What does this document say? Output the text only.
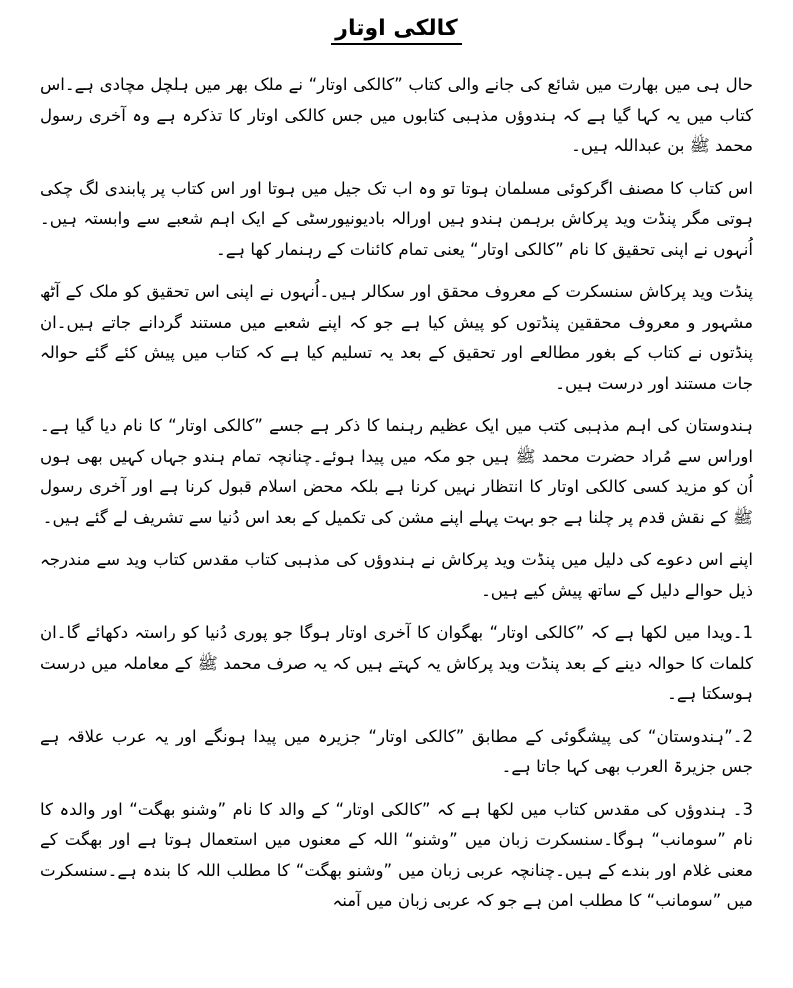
کالکی اوتار

حال ہی میں بھارت میں شائع کی جانے والی کتاب ”کالکی اوتار“ نے ملک بھر میں ہلچل مچادی ہے۔اس کتاب میں یہ کہا گیا ہے کہ ہندوؤں مذہبی کتابوں میں جس کالکی اوتار کا تذکرہ ہے وہ آخری رسول محمد ﷺ بن عبداللہ ہیں۔

اس کتاب کا مصنف اگرکوئی مسلمان ہوتا تو وہ اب تک جیل میں ہوتا اور اس کتاب پر پابندی لگ چکی ہوتی مگر پنڈت وید پرکاش برہمن ہندو ہیں اورالہ بادیونیورسٹی کے ایک اہم شعبے سے وابستہ ہیں۔اُنہوں نے اپنی تحقیق کا نام ”کالکی اوتار“ یعنی تمام کائنات کے رہنمار کھا ہے۔

پنڈت وید پرکاش سنسکرت کے معروف محقق اور سکالر ہیں۔اُنہوں نے اپنی اس تحقیق کو ملک کے آٹھ مشہور و معروف محققین پنڈتوں کو پیش کیا ہے جو کہ اپنے شعبے میں مستند گردانے جاتے ہیں۔ان پنڈتوں نے کتاب کے بغور مطالعے اور تحقیق کے بعد یہ تسلیم کیا ہے کہ کتاب میں پیش کئے گئے حوالہ جات مستند اور درست ہیں۔

ہندوستان کی اہم مذہبی کتب میں ایک عظیم رہنما کا ذکر ہے جسے ”کالکی اوتار“ کا نام دیا گیا ہے۔اوراس سے مُراد حضرت محمد ﷺ ہیں جو مکہ میں پیدا ہوئے۔چنانچہ تمام ہندو جہاں کہیں بھی ہوں اُن کو مزید کسی کالکی اوتار کا انتظار نہیں کرنا ہے بلکہ محض اسلام قبول کرنا ہے اور آخری رسول ﷺ کے نقش قدم پر چلنا ہے جو بہت پہلے اپنے مشن کی تکمیل کے بعد اس دُنیا سے تشریف لے گئے ہیں۔

اپنے اس دعوے کی دلیل میں پنڈت وید پرکاش نے ہندوؤں کی مذہبی کتاب مقدس کتاب وید سے مندرجہ ذیل حوالے دلیل کے ساتھ پیش کیے ہیں۔

1۔ویدا میں لکھا ہے کہ ”کالکی اوتار“ بھگوان کا آخری اوتار ہوگا جو پوری دُنیا کو راستہ دکھائے گا۔ان کلمات کا حوالہ دینے کے بعد پنڈت وید پرکاش یہ کہتے ہیں کہ یہ صرف محمد ﷺ کے معاملہ میں درست ہوسکتا ہے۔

2۔”ہندوستان“ کی پیشگوئی کے مطابق ”کالکی اوتار“ جزیرہ میں پیدا ہونگے اور یہ عرب علاقہ ہے جس جزیرۃ العرب بھی کہا جاتا ہے۔

3۔ ہندوؤں کی مقدس کتاب میں لکھا ہے کہ ”کالکی اوتار“ کے والد کا نام ”وشنو بھگت“ اور والدہ کا نام ”سومانب“ ہوگا۔سنسکرت زبان میں ”وشنو“ اللہ کے معنوں میں استعمال ہوتا ہے اور بھگت کے معنی غلام اور بندے کے ہیں۔چنانچہ عربی زبان میں ”وشنو بھگت“ کا مطلب اللہ کا بندہ ہے۔سنسکرت میں ”سومانب“ کا مطلب امن ہے جو کہ عربی زبان میں آمنہ
